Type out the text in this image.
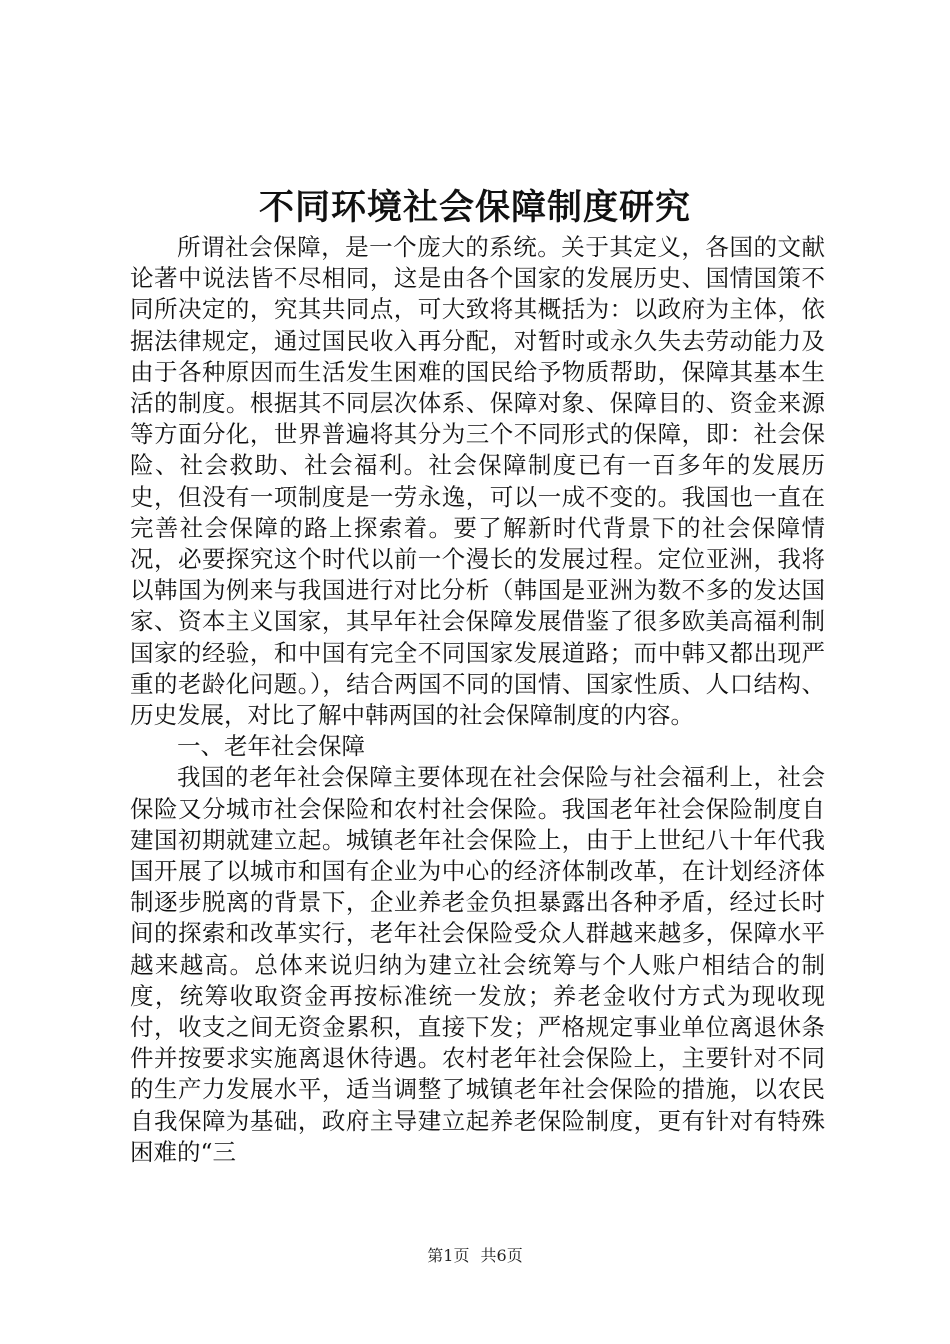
不同环境社会保障制度研究

所谓社会保障，是一个庞大的系统。关于其定义，各国的文献论著中说法皆不尽相同，这是由各个国家的发展历史、国情国策不同所决定的，究其共同点，可大致将其概括为：以政府为主体，依据法律规定，通过国民收入再分配，对暂时或永久失去劳动能力及由于各种原因而生活发生困难的国民给予物质帮助，保障其基本生活的制度。根据其不同层次体系、保障对象、保障目的、资金来源等方面分化，世界普遍将其分为三个不同形式的保障，即：社会保险、社会救助、社会福利。社会保障制度已有一百多年的发展历史，但没有一项制度是一劳永逸，可以一成不变的。我国也一直在完善社会保障的路上探索着。要了解新时代背景下的社会保障情况，必要探究这个时代以前一个漫长的发展过程。定位亚洲，我将以韩国为例来与我国进行对比分析（韩国是亚洲为数不多的发达国家、资本主义国家，其早年社会保障发展借鉴了很多欧美高福利制国家的经验，和中国有完全不同国家发展道路；而中韩又都出现严重的老龄化问题。），结合两国不同的国情、国家性质、人口结构、历史发展，对比了解中韩两国的社会保障制度的内容。

一、老年社会保障

我国的老年社会保障主要体现在社会保险与社会福利上，社会保险又分城市社会保险和农村社会保险。我国老年社会保险制度自建国初期就建立起。城镇老年社会保险上，由于上世纪八十年代我国开展了以城市和国有企业为中心的经济体制改革，在计划经济体制逐步脱离的背景下，企业养老金负担暴露出各种矛盾，经过长时间的探索和改革实行，老年社会保险受众人群越来越多，保障水平越来越高。总体来说归纳为建立社会统筹与个人账户相结合的制度，统筹收取资金再按标准统一发放；养老金收付方式为现收现付，收支之间无资金累积，直接下发；严格规定事业单位离退休条件并按要求实施离退休待遇。农村老年社会保险上，主要针对不同的生产力发展水平，适当调整了城镇老年社会保险的措施，以农民自我保障为基础，政府主导建立起养老保险制度，更有针对有特殊困难的“三

第1页 共6页
